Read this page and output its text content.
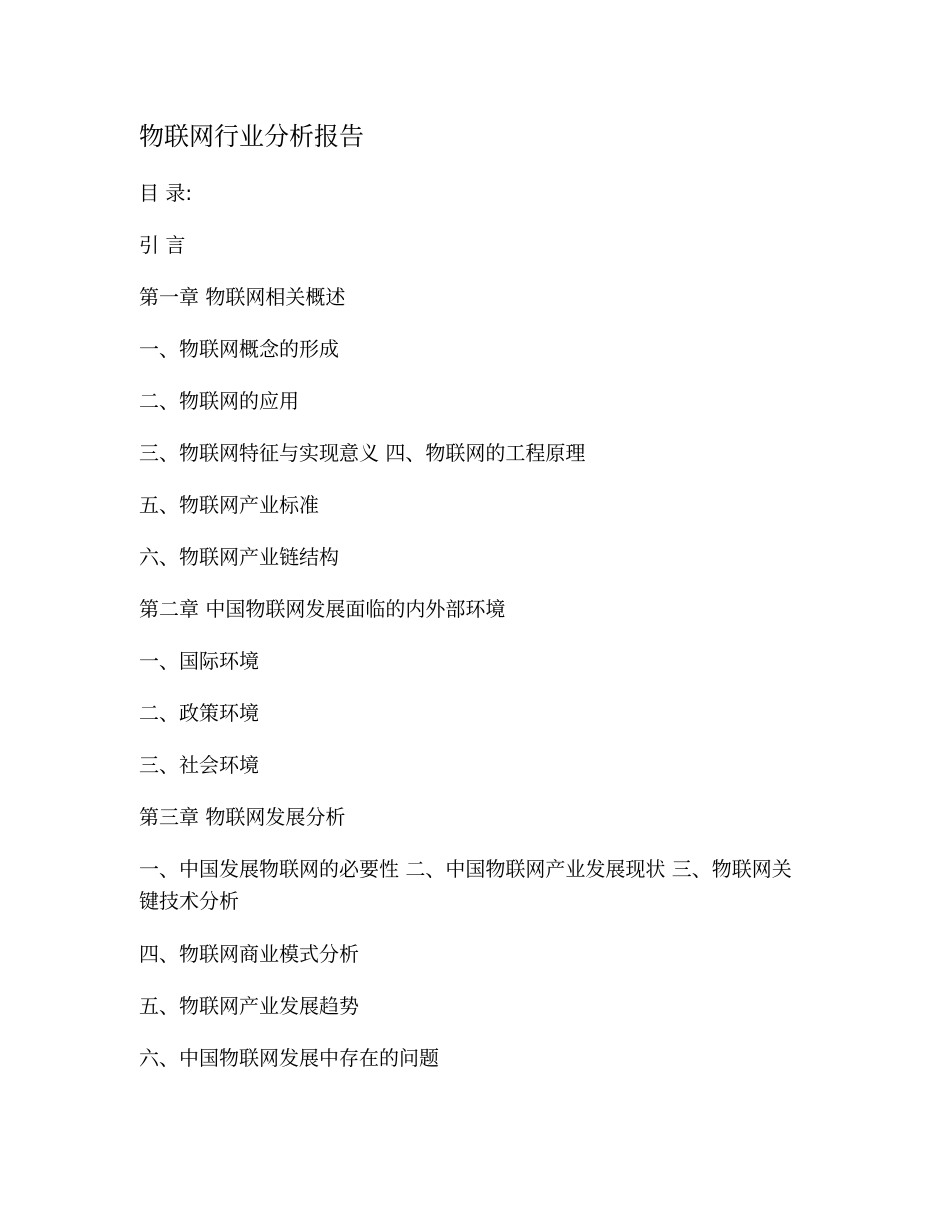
物联网行业分析报告
目 录:
引 言
第一章 物联网相关概述
一、物联网概念的形成
二、物联网的应用
三、物联网特征与实现意义 四、物联网的工程原理
五、物联网产业标准
六、物联网产业链结构
第二章 中国物联网发展面临的内外部环境
一、国际环境
二、政策环境
三、社会环境
第三章 物联网发展分析
一、中国发展物联网的必要性 二、中国物联网产业发展现状 三、物联网关键技术分析
四、物联网商业模式分析
五、物联网产业发展趋势
六、中国物联网发展中存在的问题
